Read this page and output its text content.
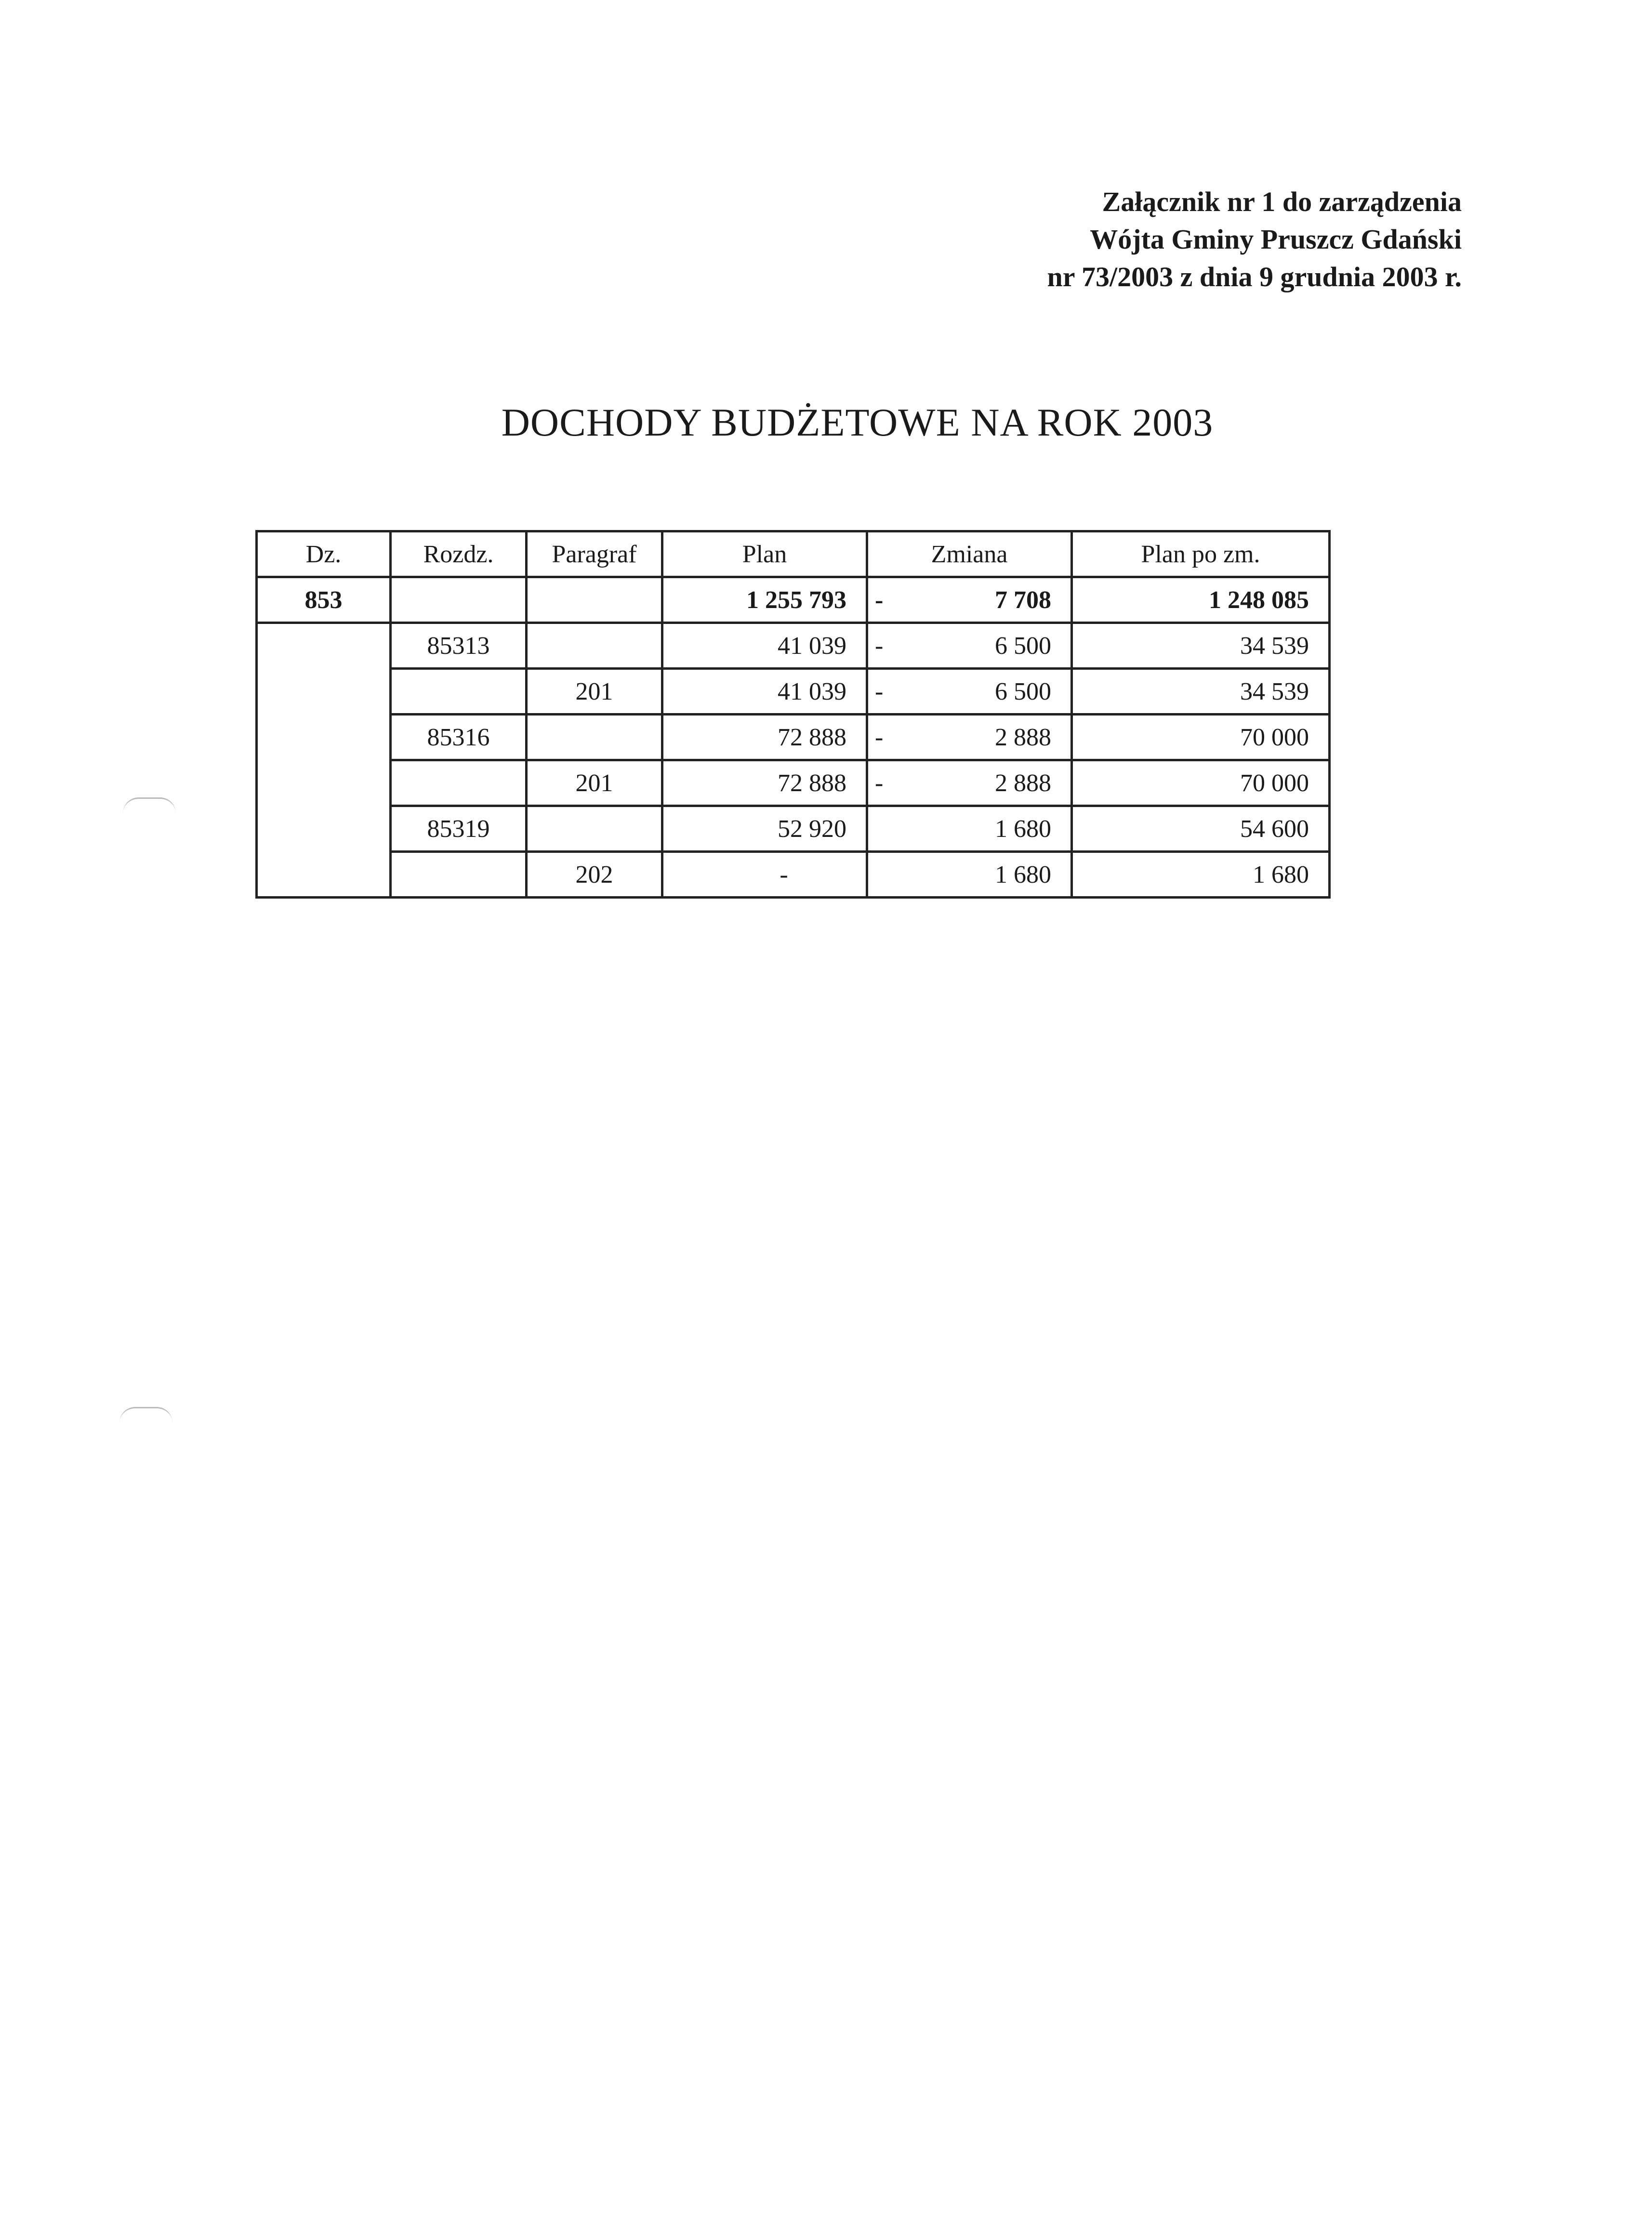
Załącznik nr 1 do zarządzenia
Wójta Gminy Pruszcz Gdański
nr 73/2003 z dnia 9 grudnia 2003 r.
DOCHODY BUDŻETOWE NA ROK 2003
Dz.	Rozdz.	Paragraf	Plan	Zmiana	Plan po zm.
853			1 255 793	- 7 708	1 248 085
	85313		41 039	- 6 500	34 539
		201	41 039	- 6 500	34 539
	85316		72 888	- 2 888	70 000
		201	72 888	- 2 888	70 000
	85319		52 920	1 680	54 600
		202	-	1 680	1 680
